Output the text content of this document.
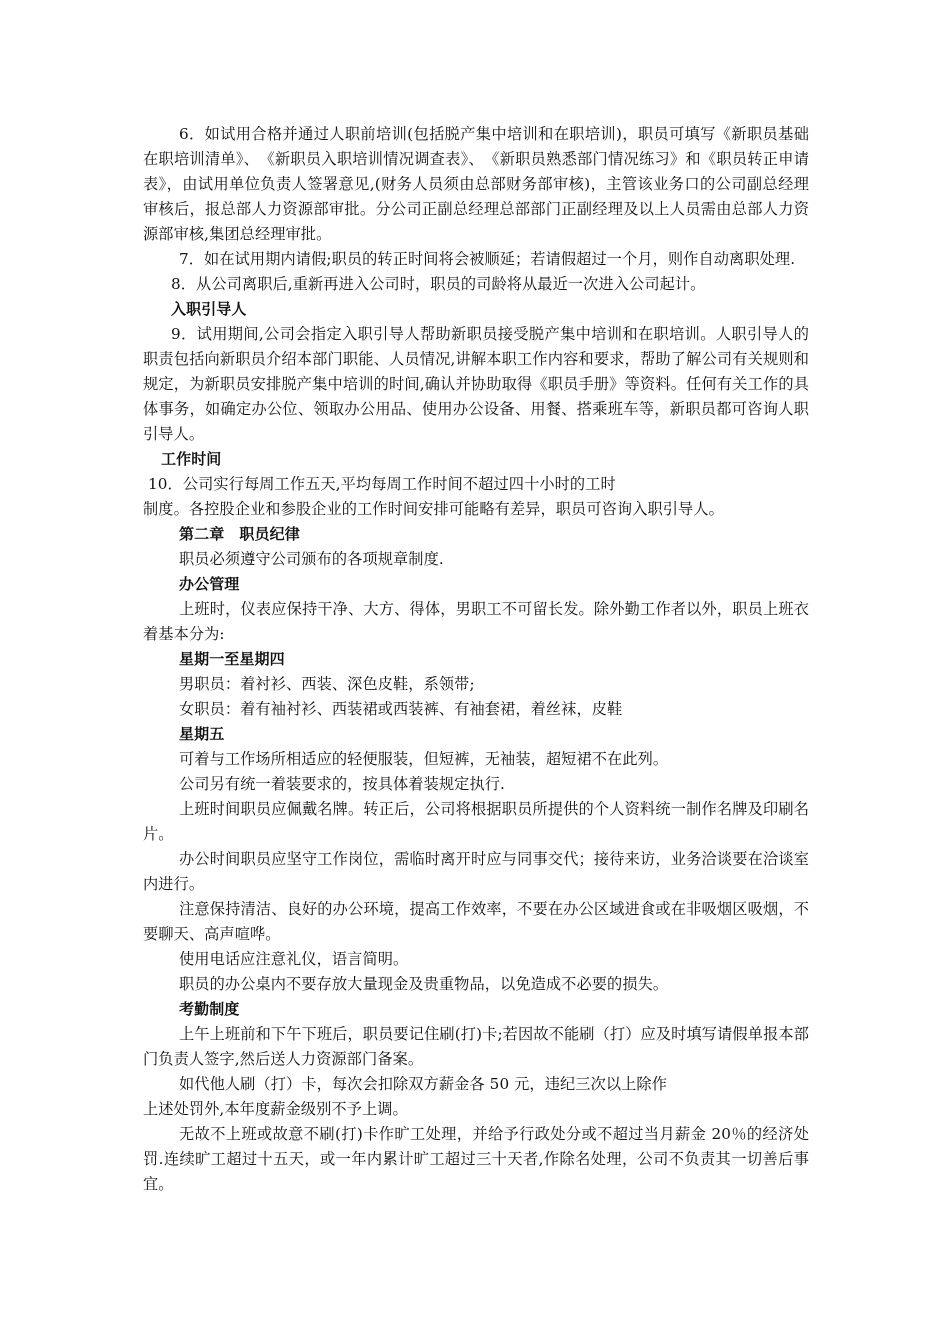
6．如试用合格并通过人职前培训(包括脱产集中培训和在职培训)，职员可填写《新职员基础在职培训清单》、　《新职员入职培训情况调查表》、　《新职员熟悉部门情况练习》和《职员转正申请表》，由试用单位负责人签署意见,(财务人员须由总部财务部审核)，主管该业务口的公司副总经理审核后，报总部人力资源部审批。分公司正副总经理总部部门正副经理及以上人员需由总部人力资源部审核,集团总经理审批。

7．如在试用期内请假;职员的转正时间将会被顺延；若请假超过一个月，则作自动离职处理.

8．从公司离职后,重新再进入公司时，职员的司龄将从最近一次进入公司起计。

入职引导人

9．试用期间,公司会指定入职引导人帮助新职员接受脱产集中培训和在职培训。人职引导人的职责包括向新职员介绍本部门职能、人员情况,讲解本职工作内容和要求，帮助了解公司有关规则和规定，为新职员安排脱产集中培训的时间,确认并协助取得《职员手册》等资料。任何有关工作的具体事务，如确定办公位、领取办公用品、使用办公设备、用餐、搭乘班车等，新职员都可咨询人职引导人。

工作时间

10．公司实行每周工作五天,平均每周工作时间不超过四十小时的工时

制度。各控股企业和参股企业的工作时间安排可能略有差异，职员可咨询入职引导人。

第二章　职员纪律

职员必须遵守公司颁布的各项规章制度.

办公管理

上班时，仪表应保持干净、大方、得体，男职工不可留长发。除外勤工作者以外，职员上班衣着基本分为:

星期一至星期四

男职员：着衬衫、西装、深色皮鞋，系领带;

女职员：着有袖衬衫、西装裙或西装裤、有袖套裙，着丝袜，皮鞋

星期五

可着与工作场所相适应的轻便服装，但短裤，无袖装，超短裙不在此列。

公司另有统一着装要求的，按具体着装规定执行.

上班时间职员应佩戴名牌。转正后，公司将根据职员所提供的个人资料统一制作名牌及印刷名片。

办公时间职员应坚守工作岗位，需临时离开时应与同事交代；接待来访，业务洽谈要在洽谈室内进行。

注意保持清洁、良好的办公环境，提高工作效率，不要在办公区域进食或在非吸烟区吸烟，不要聊天、高声喧哗。

使用电话应注意礼仪，语言简明。

职员的办公桌内不要存放大量现金及贵重物品，以免造成不必要的损失。

考勤制度

上午上班前和下午下班后，职员要记住刷(打)卡;若因故不能刷（打）应及时填写请假单报本部门负责人签字,然后送人力资源部门备案。

如代他人刷（打）卡，每次会扣除双方薪金各 50 元，违纪三次以上除作

上述处罚外,本年度薪金级别不予上调。

无故不上班或故意不刷(打)卡作旷工处理，并给予行政处分或不超过当月薪金 20％的经济处罚.连续旷工超过十五天，或一年内累计旷工超过三十天者,作除名处理，公司不负责其一切善后事宜。
